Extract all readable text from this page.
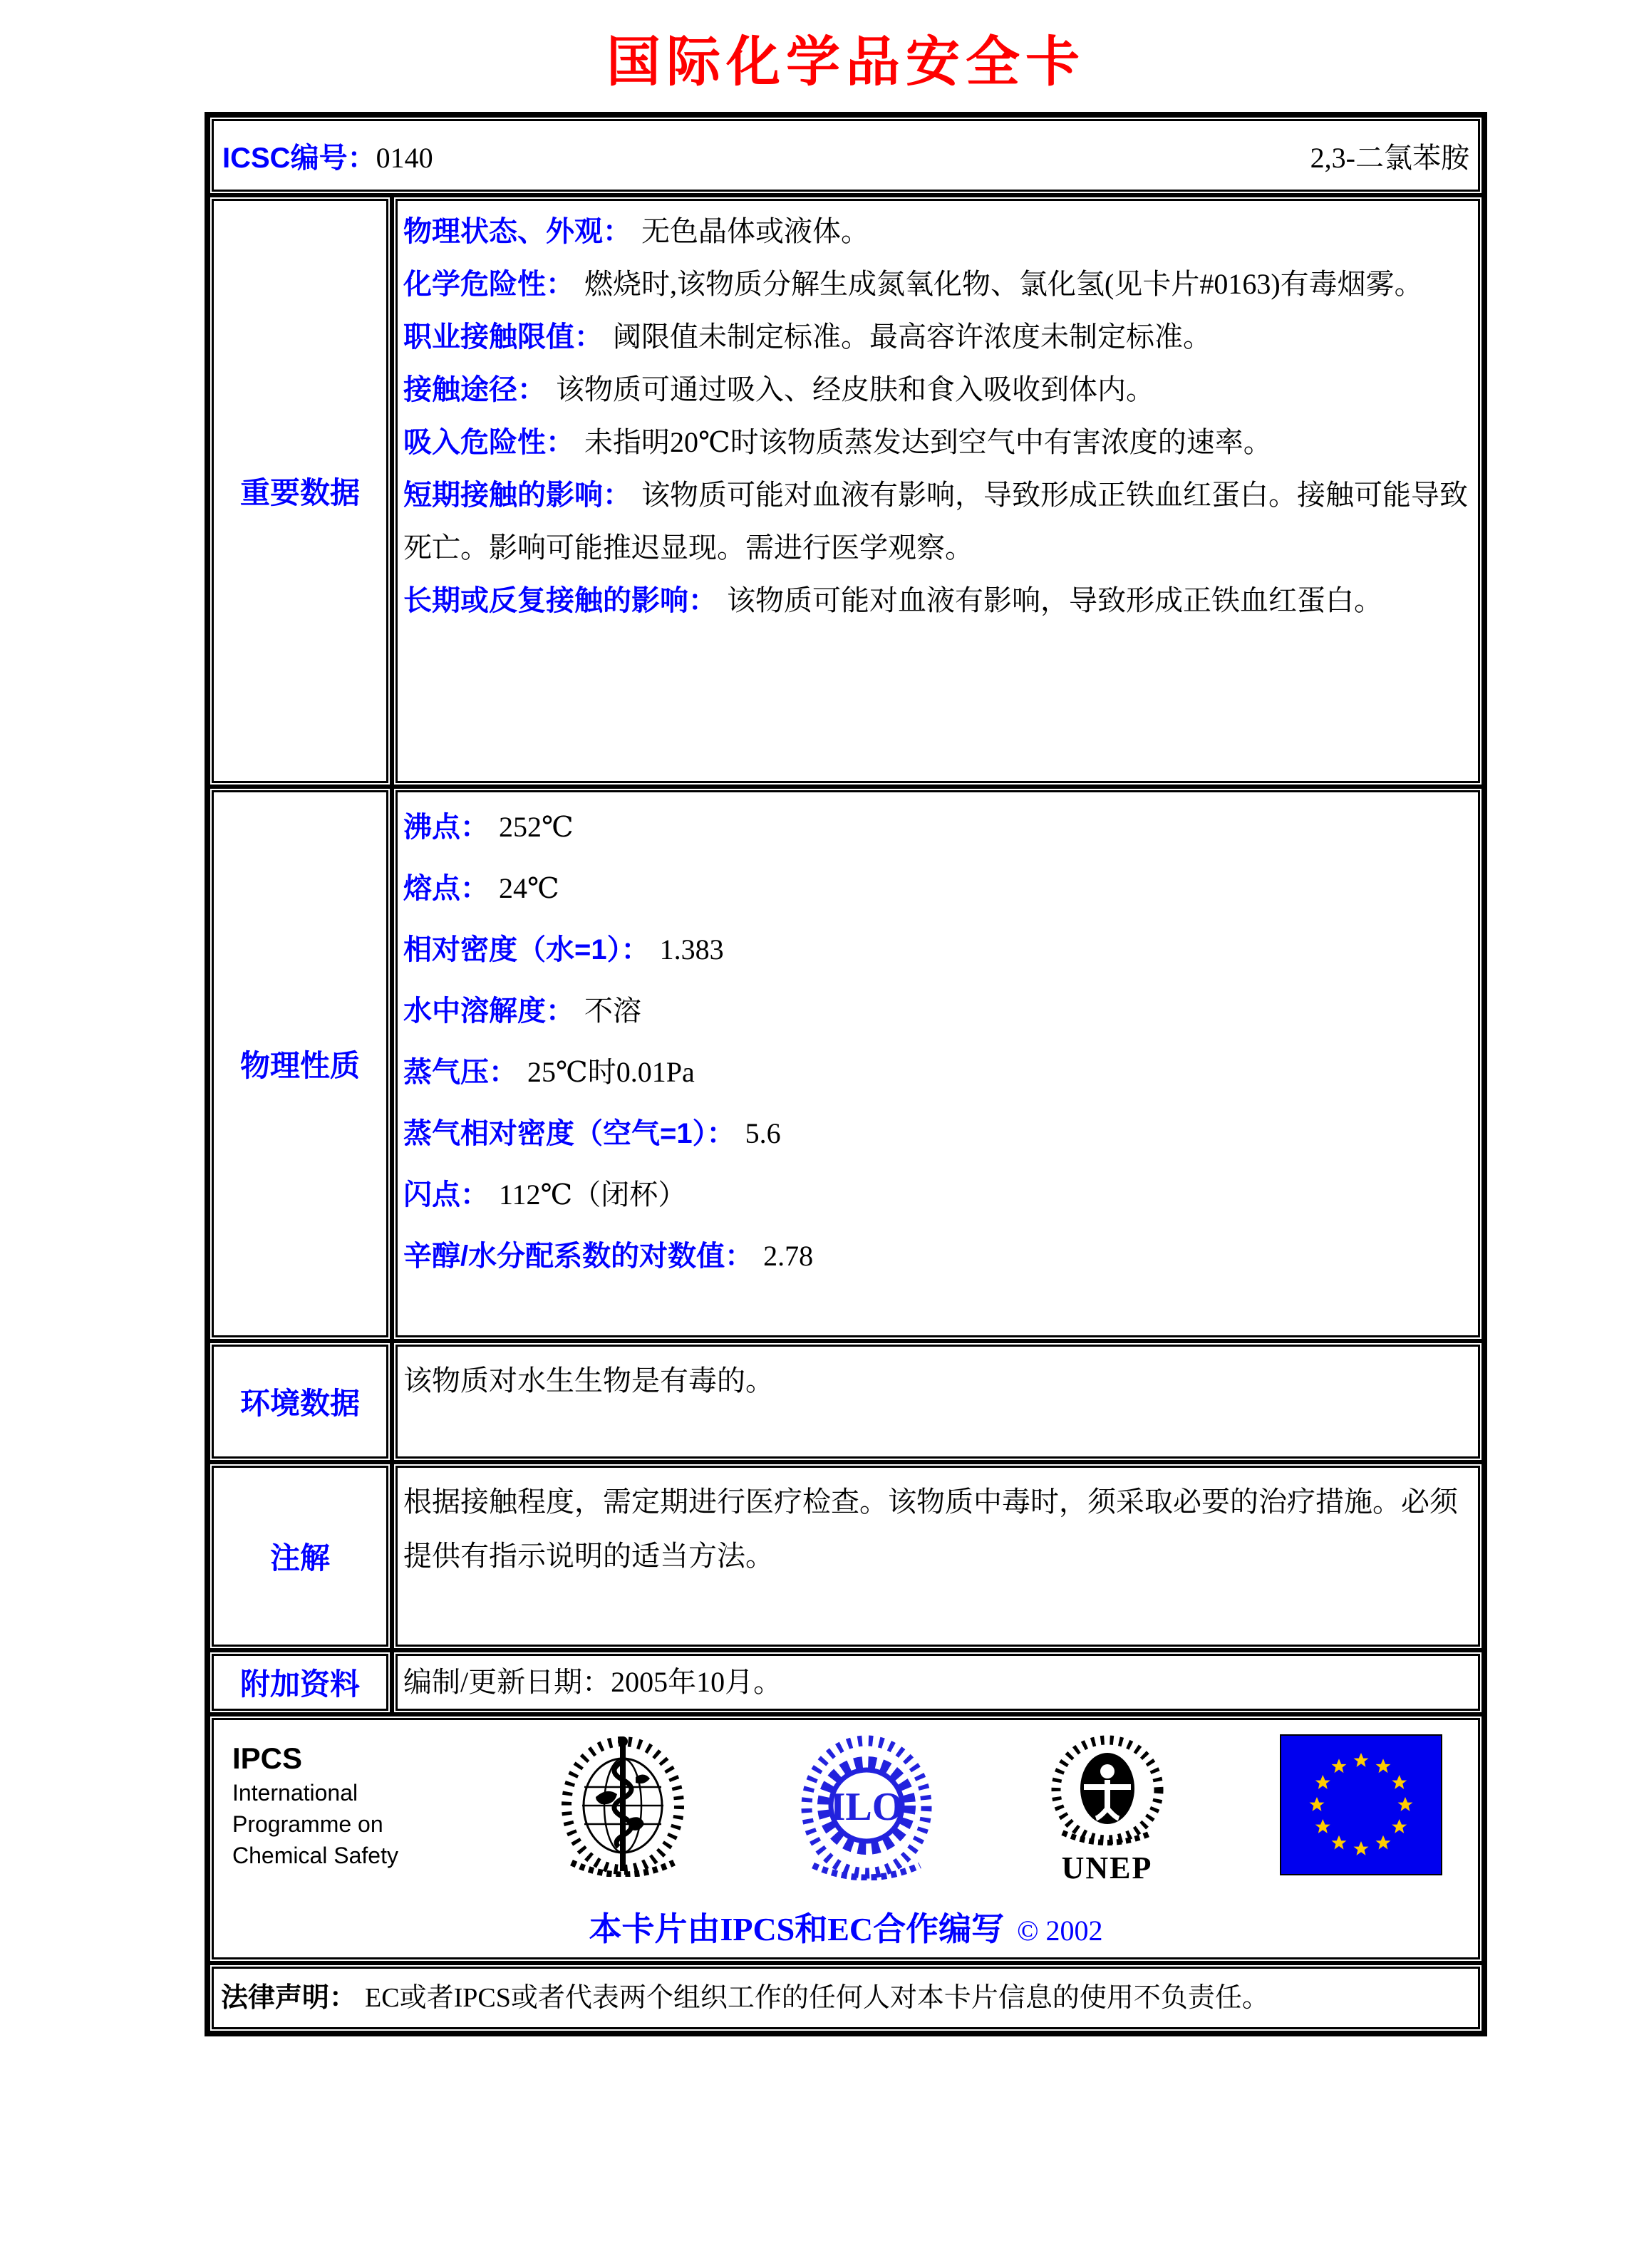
国际化学品安全卡
ICSC编号：0140 2,3-二氯苯胺	

重要数据	
物理状态、外观： 无色晶体或液体。
化学危险性： 燃烧时,该物质分解生成氮氧化物、氯化氢(见卡片#0163)有毒烟雾。
职业接触限值： 阈限值未制定标准。最高容许浓度未制定标准。
接触途径： 该物质可通过吸入、经皮肤和食入吸收到体内。
吸入危险性： 未指明20℃时该物质蒸发达到空气中有害浓度的速率。
短期接触的影响： 该物质可能对血液有影响，导致形成正铁血红蛋白。接触可能导致死亡。影响可能推迟显现。需进行医学观察。
长期或反复接触的影响： 该物质可能对血液有影响，导致形成正铁血红蛋白。

物理性质	
沸点： 252℃
熔点： 24℃
相对密度（水=1）： 1.383
水中溶解度： 不溶
蒸气压： 25℃时0.01Pa
蒸气相对密度（空气=1）： 5.6
闪点： 112℃（闭杯）
辛醇/水分配系数的对数值： 2.78

环境数据	该物质对水生生物是有毒的。

注解	根据接触程度，需定期进行医疗检查。该物质中毒时，须采取必要的治疗措施。必须提供有指示说明的适当方法。

附加资料	编制/更新日期：2005年10月。

IPCS
International
Programme on
Chemical Safety
ILO
UNEP
本卡片由IPCS和EC合作编写 © 2002

法律声明： EC或者IPCS或者代表两个组织工作的任何人对本卡片信息的使用不负责任。	
